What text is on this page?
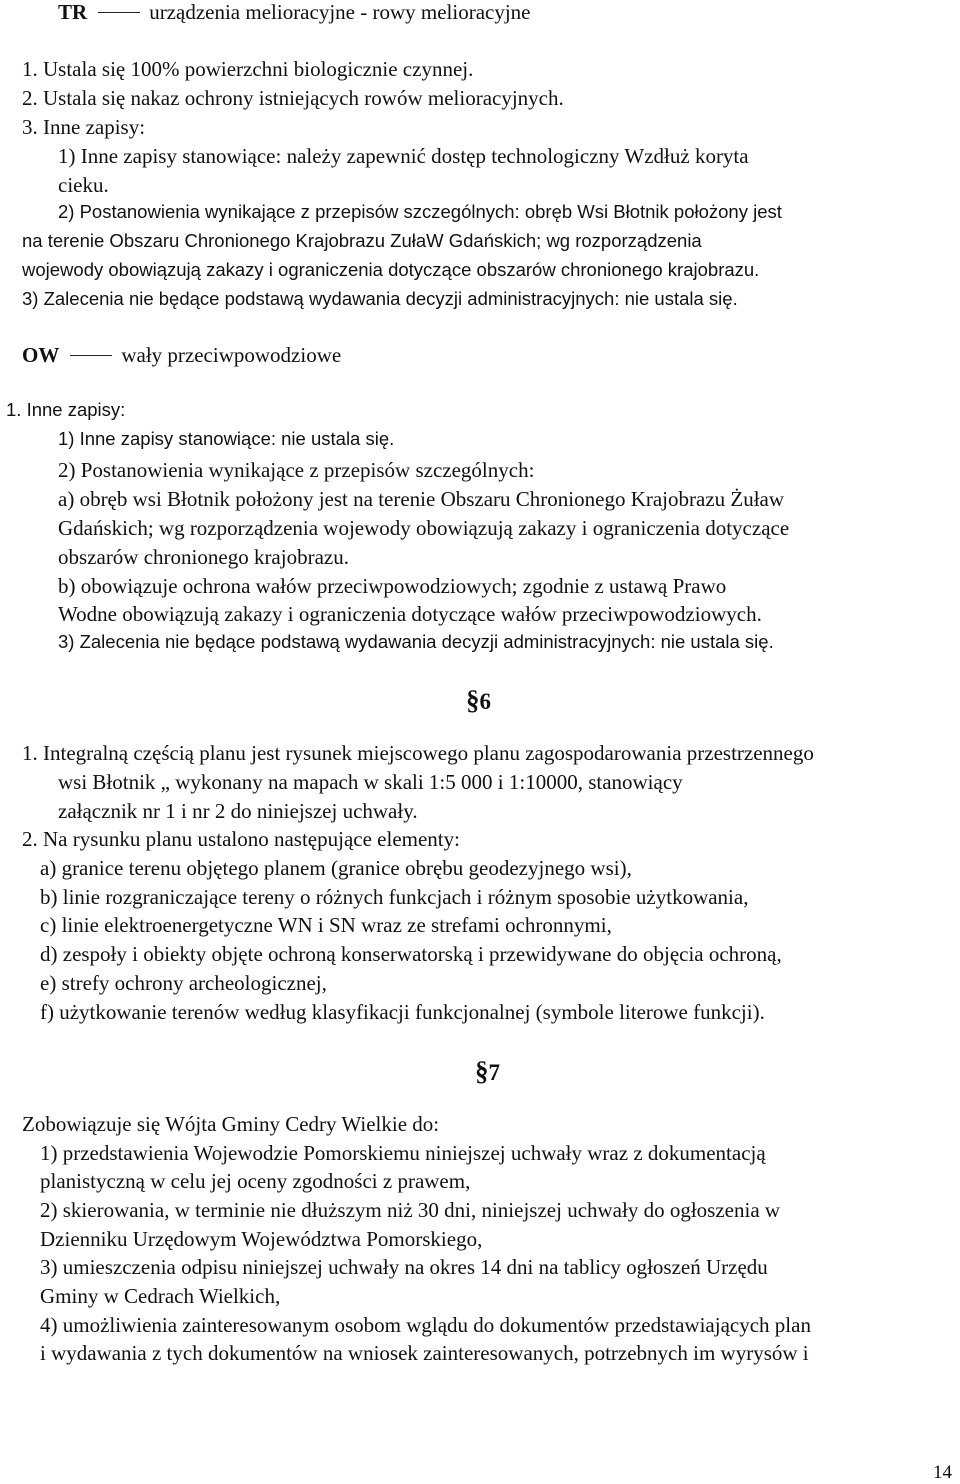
TR	urządzenia melioracyjne - rowy melioracyjne
1. Ustala się 100% powierzchni biologicznie czynnej.
2. Ustala się nakaz ochrony istniejących rowów melioracyjnych.
3. Inne zapisy:
1) Inne zapisy stanowiące: należy zapewnić dostęp technologiczny Wzdłuż koryta
cieku.
2) Postanowienia wynikające z przepisów szczególnych: obręb Wsi Błotnik położony jest
na terenie Obszaru Chronionego Krajobrazu ZułaW Gdańskich; wg rozporządzenia
wojewody obowiązują zakazy i ograniczenia dotyczące obszarów chronionego krajobrazu.
3) Zalecenia nie będące podstawą wydawania decyzji administracyjnych: nie ustala się.
OW	wały przeciwpowodziowe
1. Inne zapisy:
1) Inne zapisy stanowiące: nie ustala się.
2) Postanowienia wynikające z przepisów szczególnych:
a) obręb wsi Błotnik położony jest na terenie Obszaru Chronionego Krajobrazu Żuław
Gdańskich; wg rozporządzenia wojewody obowiązują zakazy i ograniczenia dotyczące
obszarów chronionego krajobrazu.
b) obowiązuje ochrona wałów przeciwpowodziowych; zgodnie z ustawą Prawo
Wodne obowiązują zakazy i ograniczenia dotyczące wałów przeciwpowodziowych.
3) Zalecenia nie będące podstawą wydawania decyzji administracyjnych: nie ustala się.
§6
1. Integralną częścią planu jest rysunek miejscowego planu zagospodarowania przestrzennego
wsi Błotnik „ wykonany na mapach w skali 1:5 000 i 1:10000, stanowiący
załącznik nr 1 i nr 2 do niniejszej uchwały.
2. Na rysunku planu ustalono następujące elementy:
a) granice terenu objętego planem (granice obrębu geodezyjnego wsi),
b) linie rozgraniczające tereny o różnych funkcjach i różnym sposobie użytkowania,
c) linie elektroenergetyczne WN i SN wraz ze strefami ochronnymi,
d) zespoły i obiekty objęte ochroną konserwatorską i przewidywane do objęcia ochroną,
e) strefy ochrony archeologicznej,
f) użytkowanie terenów według klasyfikacji funkcjonalnej (symbole literowe funkcji).
§7
Zobowiązuje się Wójta Gminy Cedry Wielkie do:
1) przedstawienia Wojewodzie Pomorskiemu niniejszej uchwały wraz z dokumentacją
planistyczną w celu jej oceny zgodności z prawem,
2) skierowania, w terminie nie dłuższym niż 30 dni, niniejszej uchwały do ogłoszenia w
Dzienniku Urzędowym Województwa Pomorskiego,
3) umieszczenia odpisu niniejszej uchwały na okres 14 dni na tablicy ogłoszeń Urzędu
Gminy w Cedrach Wielkich,
4) umożliwienia zainteresowanym osobom wglądu do dokumentów przedstawiających plan
i wydawania z tych dokumentów na wniosek zainteresowanych, potrzebnych im wyrysów i
14
